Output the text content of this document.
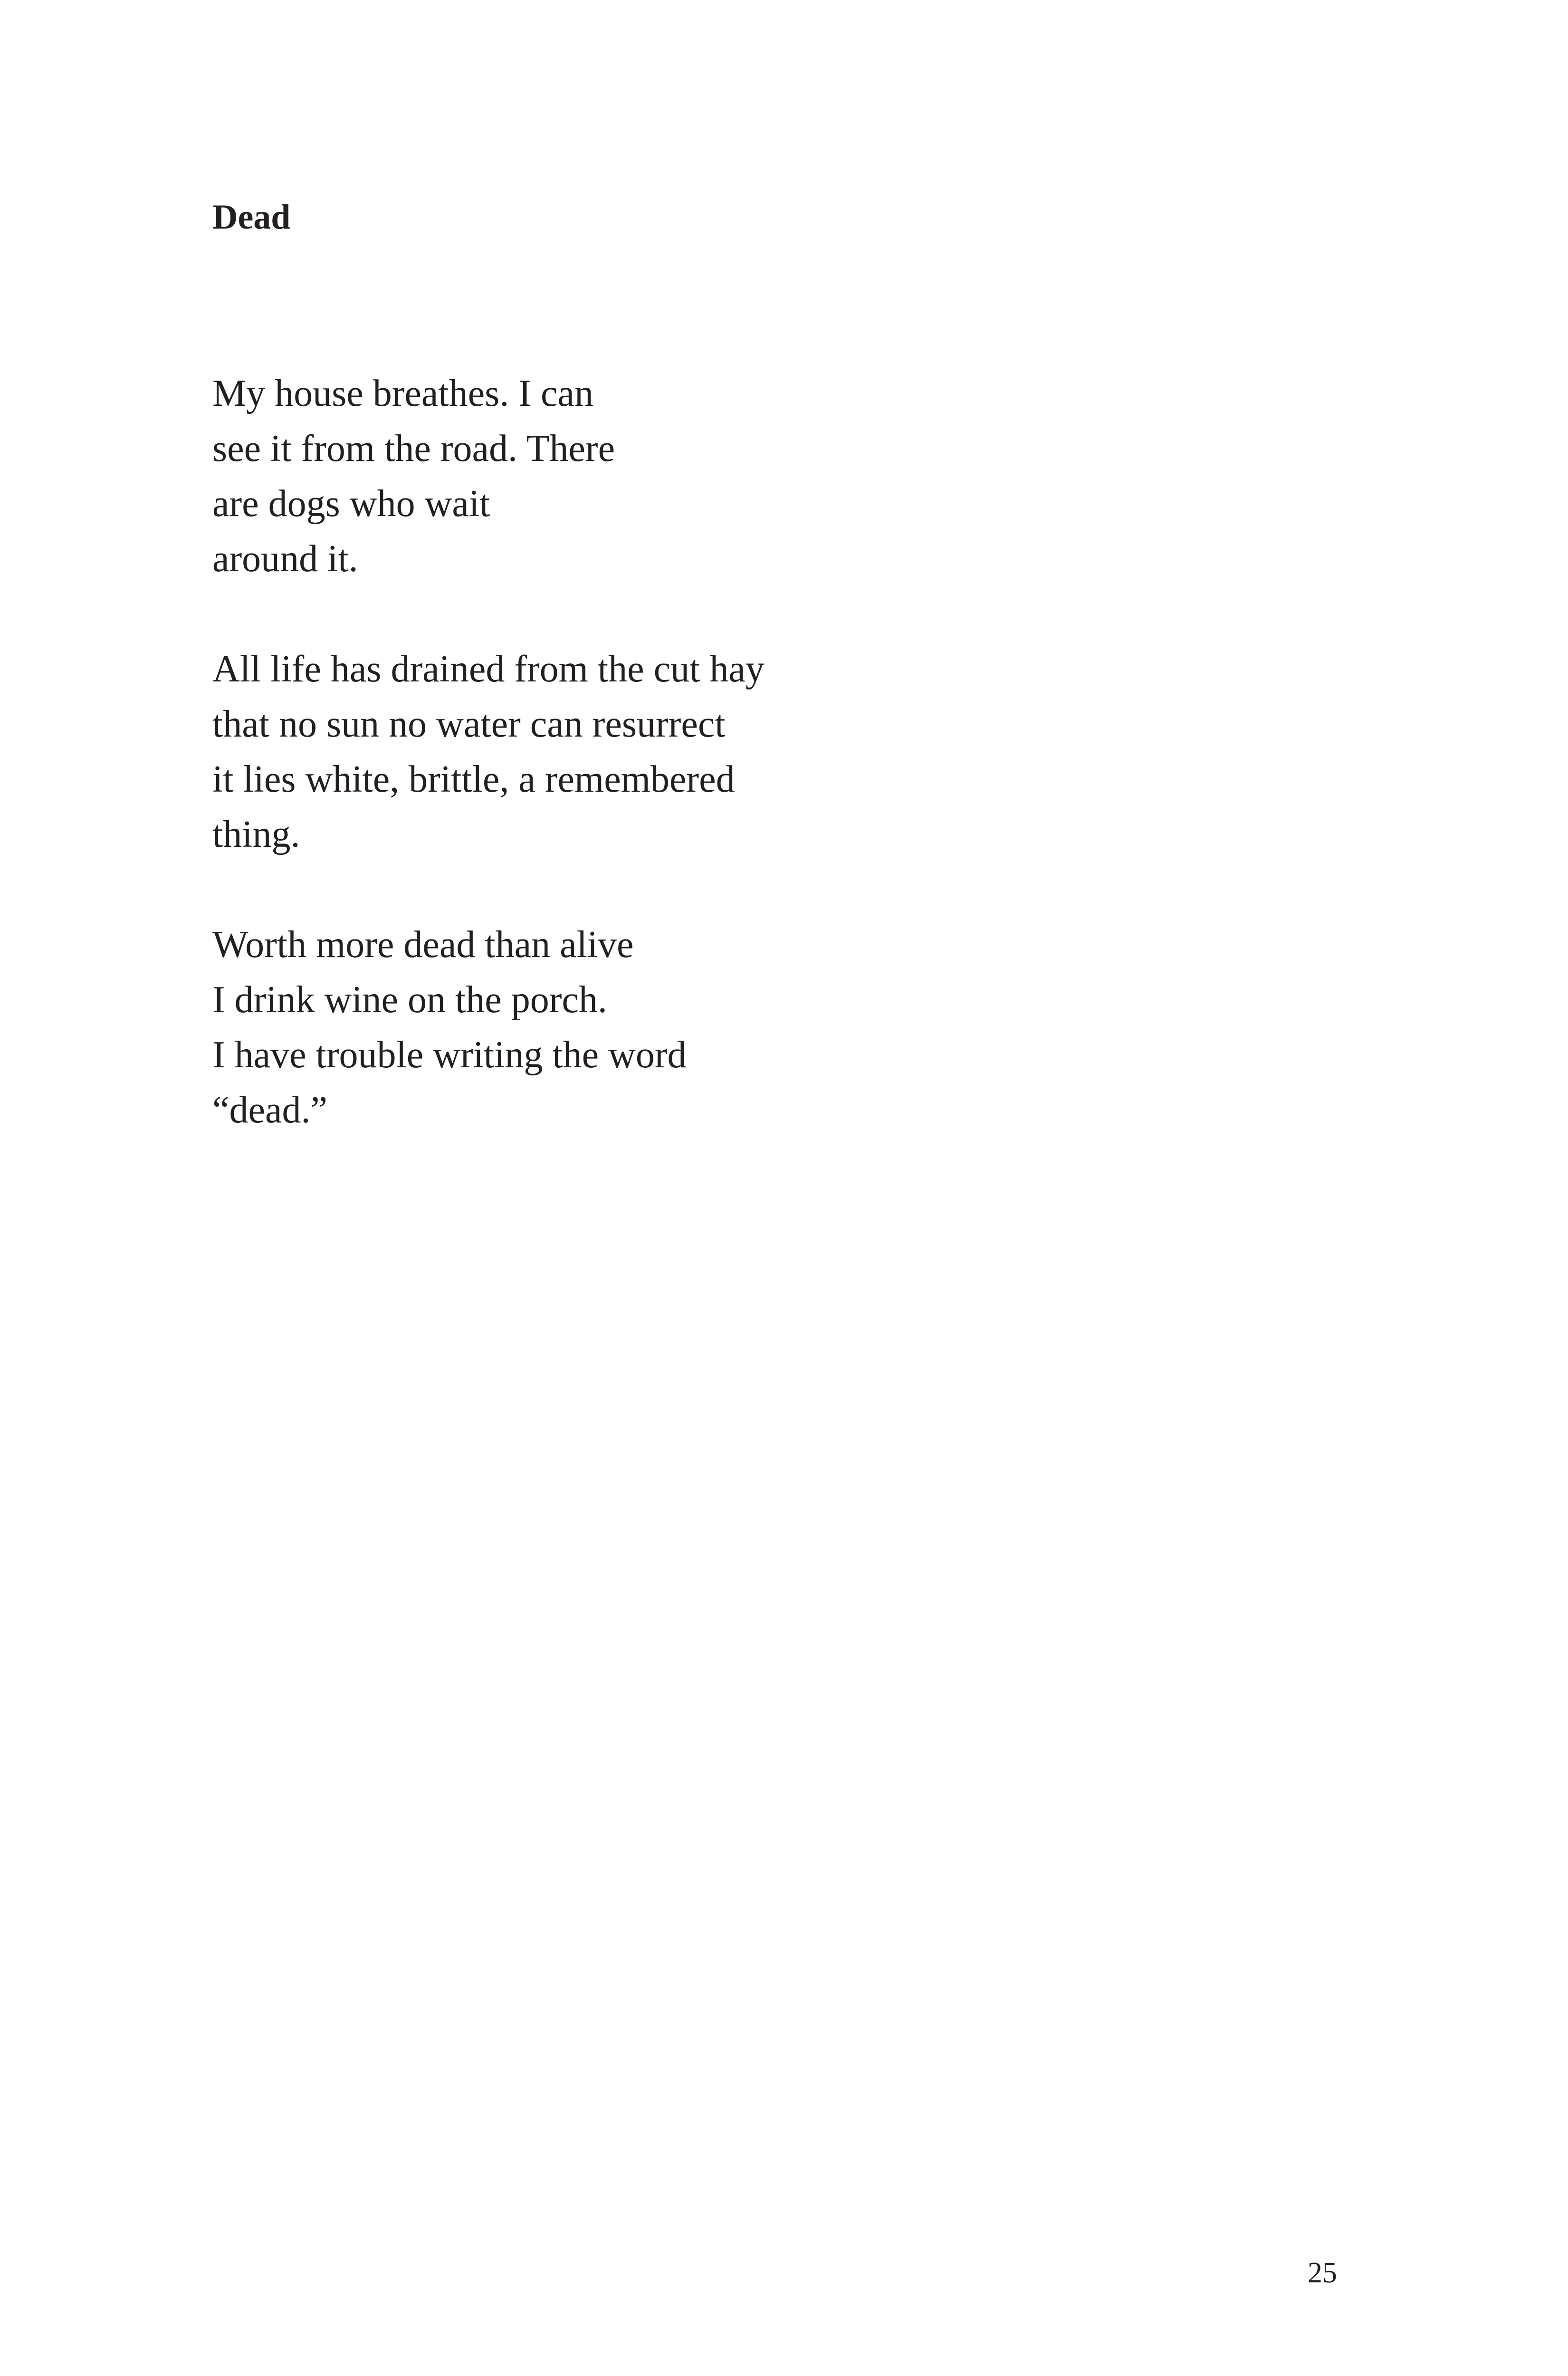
Dead
My house breathes. I can
see it from the road. There
are dogs who wait
around it.
All life has drained from the cut hay
that no sun no water can resurrect
it lies white, brittle, a remembered
thing.
Worth more dead than alive
I drink wine on the porch.
I have trouble writing the word
“dead.”
25
